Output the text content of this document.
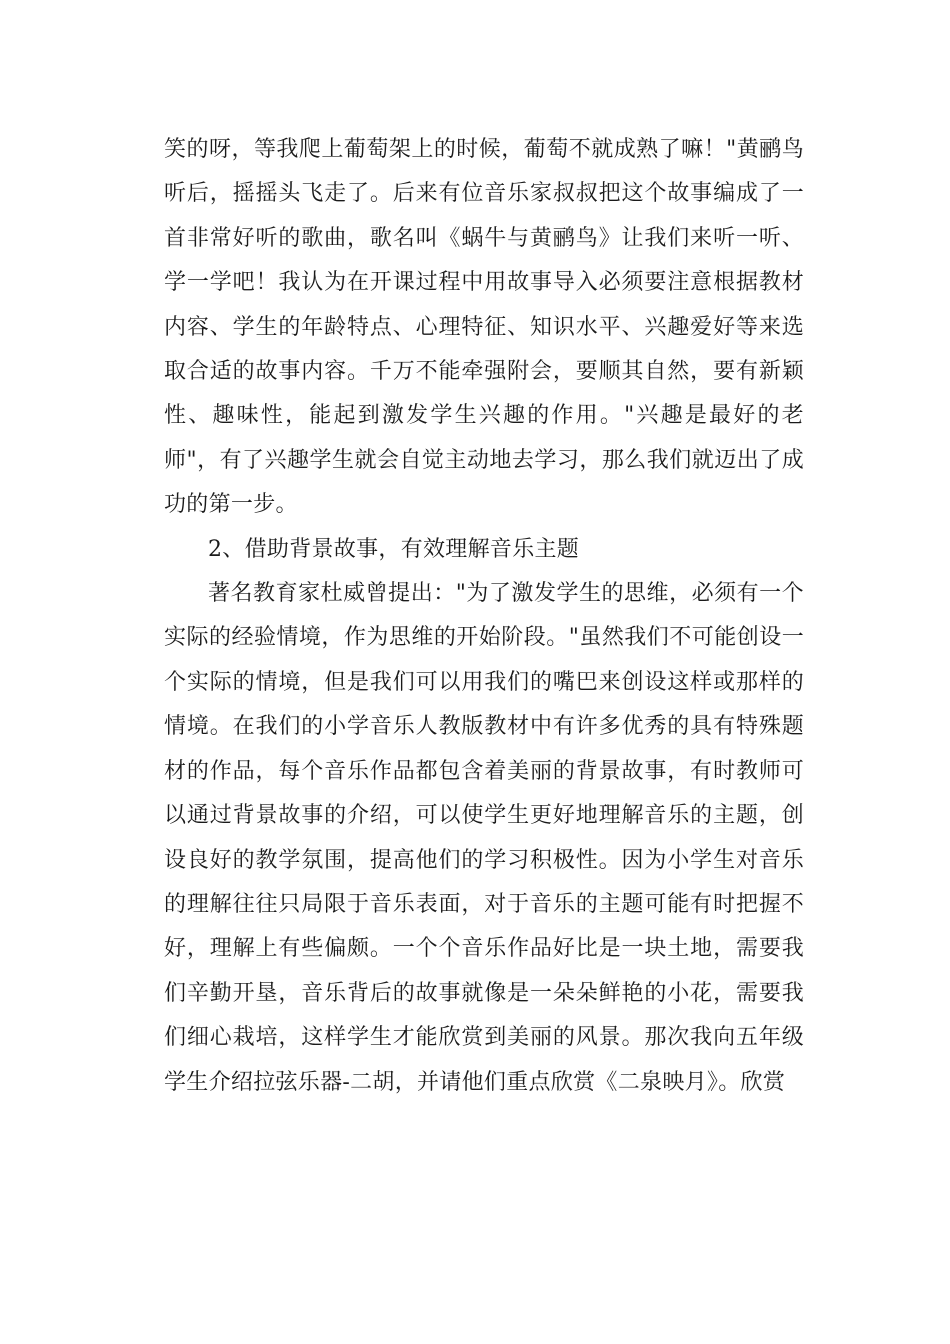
笑的呀，等我爬上葡萄架上的时候，葡萄不就成熟了嘛！"黄鹂鸟听后，摇摇头飞走了。后来有位音乐家叔叔把这个故事编成了一首非常好听的歌曲，歌名叫《蜗牛与黄鹂鸟》让我们来听一听、学一学吧！我认为在开课过程中用故事导入必须要注意根据教材内容、学生的年龄特点、心理特征、知识水平、兴趣爱好等来选取合适的故事内容。千万不能牵强附会，要顺其自然，要有新颖性、趣味性，能起到激发学生兴趣的作用。"兴趣是最好的老师"，有了兴趣学生就会自觉主动地去学习，那么我们就迈出了成功的第一步。

2、借助背景故事，有效理解音乐主题

著名教育家杜威曾提出："为了激发学生的思维，必须有一个实际的经验情境，作为思维的开始阶段。"虽然我们不可能创设一个实际的情境，但是我们可以用我们的嘴巴来创设这样或那样的情境。在我们的小学音乐人教版教材中有许多优秀的具有特殊题材的作品，每个音乐作品都包含着美丽的背景故事，有时教师可以通过背景故事的介绍，可以使学生更好地理解音乐的主题，创设良好的教学氛围，提高他们的学习积极性。因为小学生对音乐的理解往往只局限于音乐表面，对于音乐的主题可能有时把握不好，理解上有些偏颇。一个个音乐作品好比是一块土地，需要我们辛勤开垦，音乐背后的故事就像是一朵朵鲜艳的小花，需要我们细心栽培，这样学生才能欣赏到美丽的风景。那次我向五年级学生介绍拉弦乐器-二胡，并请他们重点欣赏《二泉映月》。欣赏
